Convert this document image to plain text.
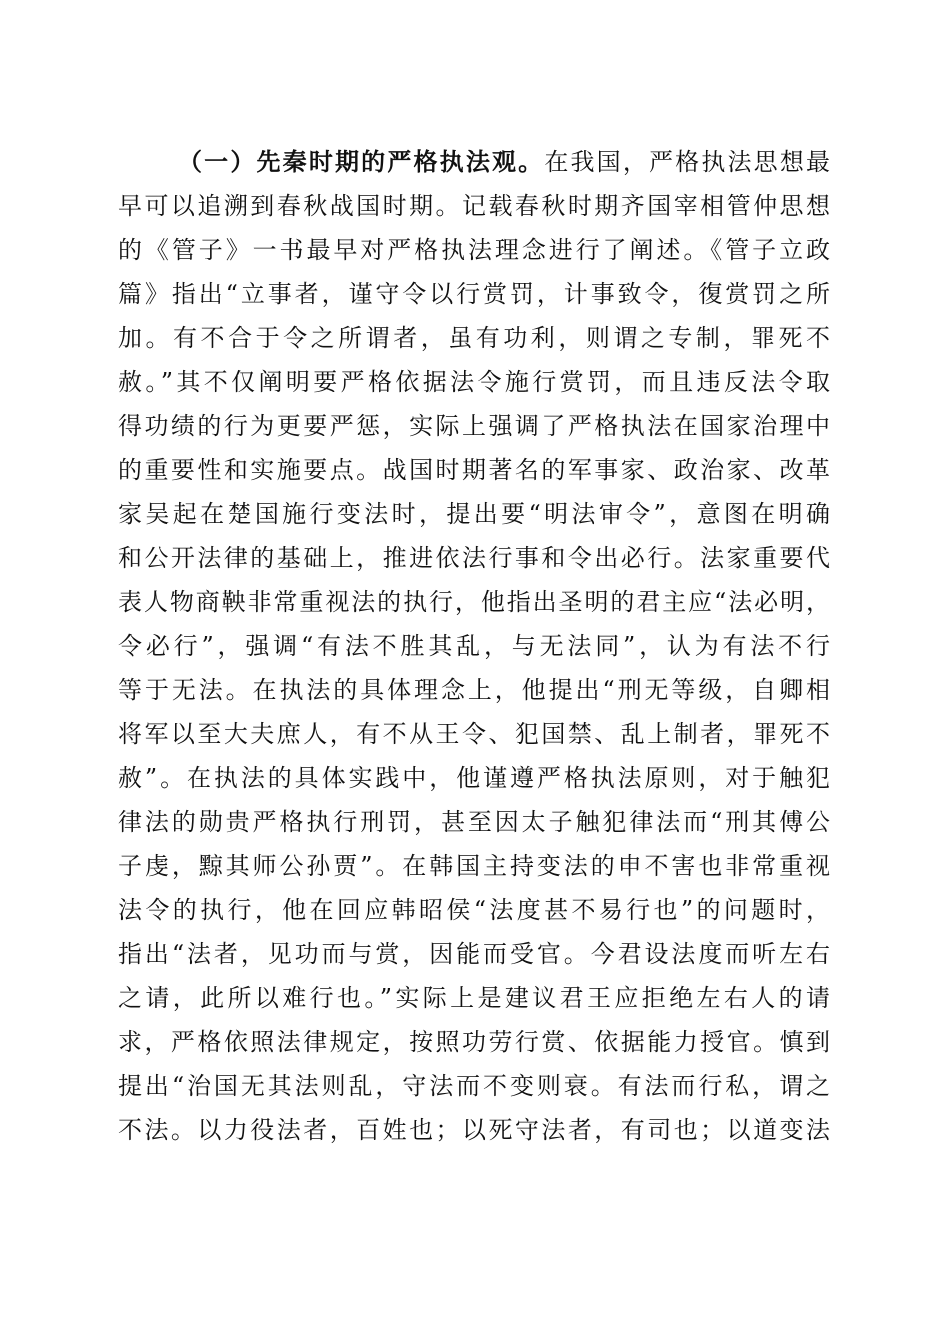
（一）先秦时期的严格执法观。在我国，严格执法思想最
早可以追溯到春秋战国时期。记载春秋时期齐国宰相管仲思想
的《管子》一书最早对严格执法理念进行了阐述。《管子立政
篇》指出“立事者，谨守令以行赏罚，计事致令，復赏罚之所
加。有不合于令之所谓者，虽有功利，则谓之专制，罪死不
赦。”其不仅阐明要严格依据法令施行赏罚，而且违反法令取
得功绩的行为更要严惩，实际上强调了严格执法在国家治理中
的重要性和实施要点。战国时期著名的军事家、政治家、改革
家吴起在楚国施行变法时，提出要“明法审令”，意图在明确
和公开法律的基础上，推进依法行事和令出必行。法家重要代
表人物商鞅非常重视法的执行，他指出圣明的君主应“法必明，
令必行”，强调“有法不胜其乱，与无法同”，认为有法不行
等于无法。在执法的具体理念上，他提出“刑无等级，自卿相
将军以至大夫庶人，有不从王令、犯国禁、乱上制者，罪死不
赦”。在执法的具体实践中，他谨遵严格执法原则，对于触犯
律法的勋贵严格执行刑罚，甚至因太子触犯律法而“刑其傅公
子虔，黥其师公孙贾”。在韩国主持变法的申不害也非常重视
法令的执行，他在回应韩昭侯“法度甚不易行也”的问题时，
指出“法者，见功而与赏，因能而受官。今君设法度而听左右
之请，此所以难行也。”实际上是建议君王应拒绝左右人的请
求，严格依照法律规定，按照功劳行赏、依据能力授官。慎到
提出“治国无其法则乱，守法而不变则衰。有法而行私，谓之
不法。以力役法者，百姓也；以死守法者，有司也；以道变法
